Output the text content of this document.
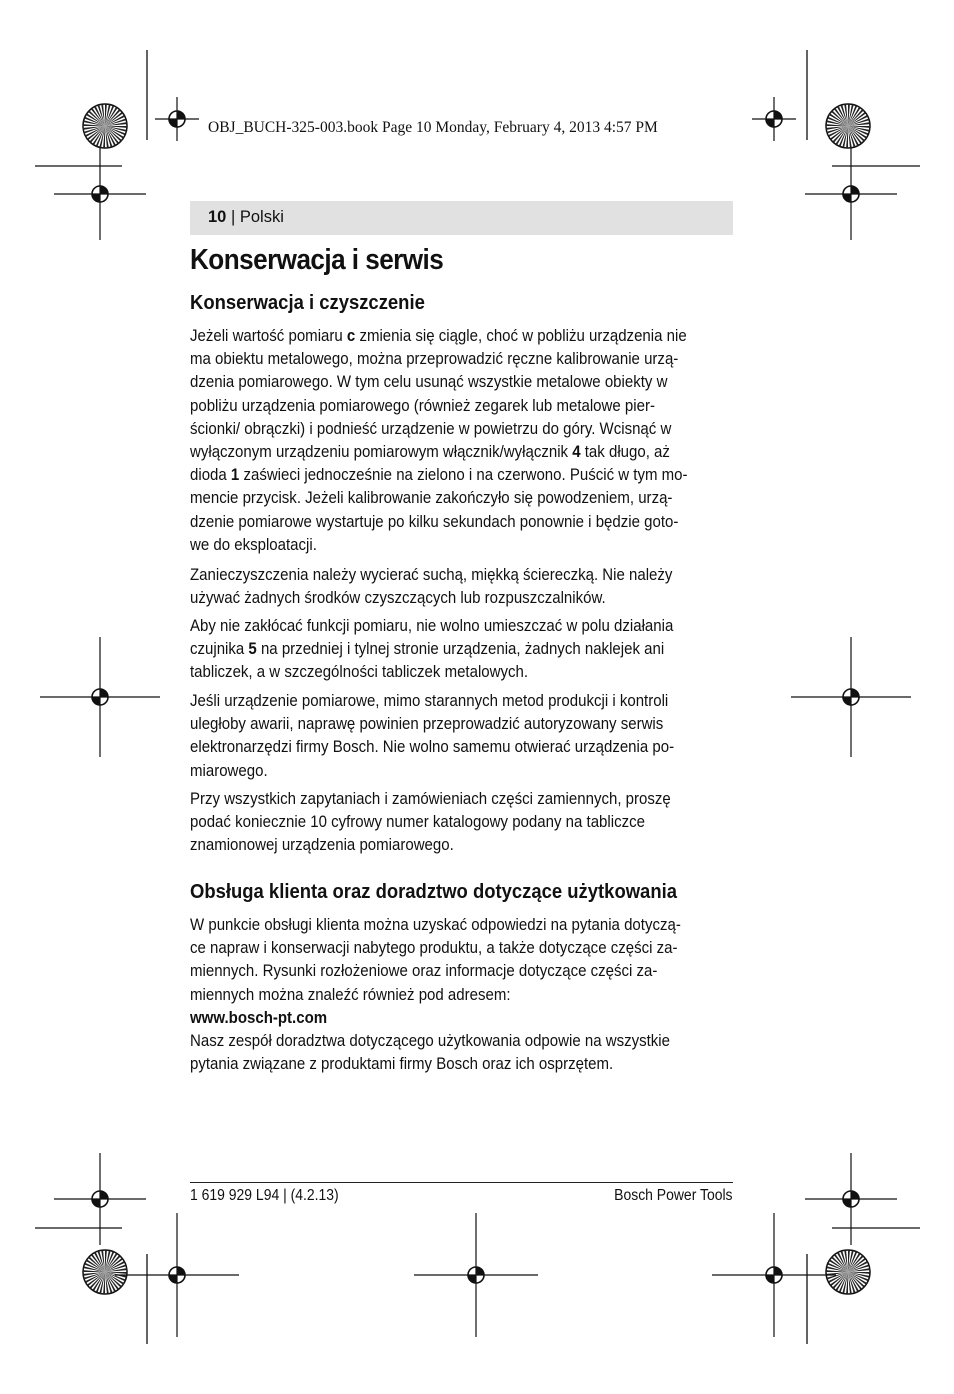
OBJ_BUCH-325-003.book Page 10 Monday, February 4, 2013 4:57 PM
10 | Polski
Konserwacja i serwis
Konserwacja i czyszczenie
Jeżeli wartość pomiaru c zmienia się ciągle, choć w pobliżu urządzenia nie
ma obiektu metalowego, można przeprowadzić ręczne kalibrowanie urzą-
dzenia pomiarowego. W tym celu usunąć wszystkie metalowe obiekty w
pobliżu urządzenia pomiarowego (również zegarek lub metalowe pier-
ścionki/ obrączki) i podnieść urządzenie w powietrzu do góry. Wcisnąć w
wyłączonym urządzeniu pomiarowym włącznik/wyłącznik 4 tak długo, aż
dioda 1 zaświeci jednocześnie na zielono i na czerwono. Puścić w tym mo-
mencie przycisk. Jeżeli kalibrowanie zakończyło się powodzeniem, urzą-
dzenie pomiarowe wystartuje po kilku sekundach ponownie i będzie goto-
we do eksploatacji.
Zanieczyszczenia należy wycierać suchą, miękką ściereczką. Nie należy
używać żadnych środków czyszczących lub rozpuszczalników.
Aby nie zakłócać funkcji pomiaru, nie wolno umieszczać w polu działania
czujnika 5 na przedniej i tylnej stronie urządzenia, żadnych naklejek ani
tabliczek, a w szczególności tabliczek metalowych.
Jeśli urządzenie pomiarowe, mimo starannych metod produkcji i kontroli
uległoby awarii, naprawę powinien przeprowadzić autoryzowany serwis
elektronarzędzi firmy Bosch. Nie wolno samemu otwierać urządzenia po-
miarowego.
Przy wszystkich zapytaniach i zamówieniach części zamiennych, proszę
podać koniecznie 10 cyfrowy numer katalogowy podany na tabliczce
znamionowej urządzenia pomiarowego.
Obsługa klienta oraz doradztwo dotyczące użytkowania
W punkcie obsługi klienta można uzyskać odpowiedzi na pytania dotyczą-
ce napraw i konserwacji nabytego produktu, a także dotyczące części za-
miennych. Rysunki rozłożeniowe oraz informacje dotyczące części za-
miennych można znaleźć również pod adresem:
www.bosch-pt.com
Nasz zespół doradztwa dotyczącego użytkowania odpowie na wszystkie
pytania związane z produktami firmy Bosch oraz ich osprzętem.
1 619 929 L94 | (4.2.13)	Bosch Power Tools
